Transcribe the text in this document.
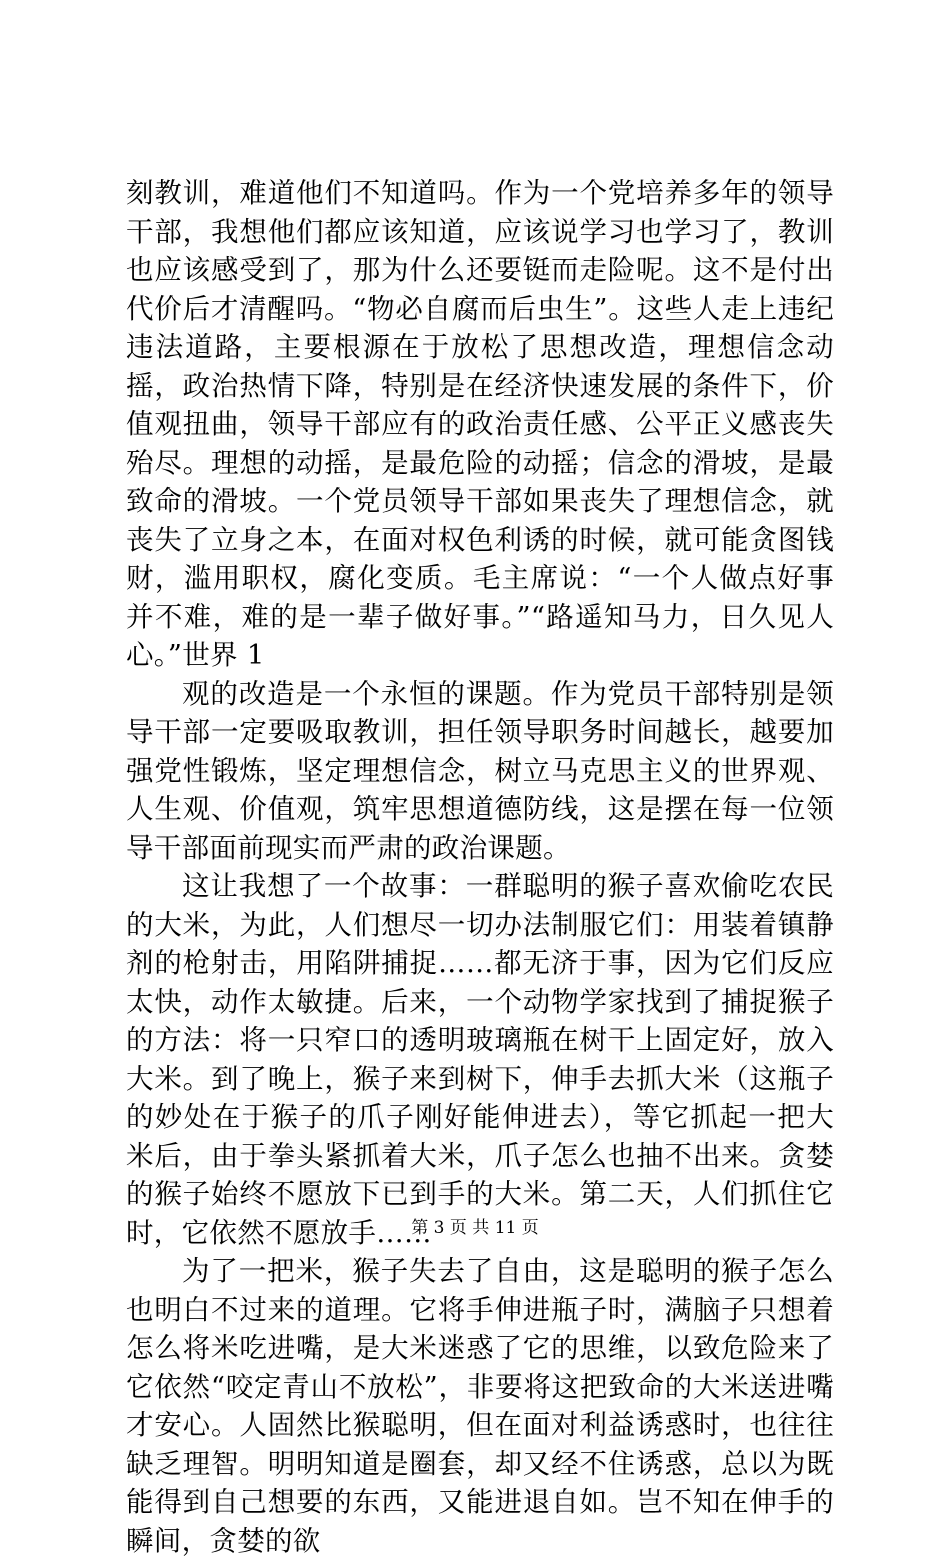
刻教训，难道他们不知道吗。作为一个党培养多年的领导干部，我想他们都应该知道，应该说学习也学习了，教训也应该感受到了，那为什么还要铤而走险呢。这不是付出代价后才清醒吗。“物必自腐而后虫生”。这些人走上违纪违法道路，主要根源在于放松了思想改造，理想信念动摇，政治热情下降，特别是在经济快速发展的条件下，价值观扭曲，领导干部应有的政治责任感、公平正义感丧失殆尽。理想的动摇，是最危险的动摇；信念的滑坡，是最致命的滑坡。一个党员领导干部如果丧失了理想信念，就丧失了立身之本，在面对权色利诱的时候，就可能贪图钱财，滥用职权，腐化变质。毛主席说：“一个人做点好事并不难，难的是一辈子做好事。”“路遥知马力，日久见人心。”世界 1

观的改造是一个永恒的课题。作为党员干部特别是领导干部一定要吸取教训，担任领导职务时间越长，越要加强党性锻炼，坚定理想信念，树立马克思主义的世界观、人生观、价值观，筑牢思想道德防线，这是摆在每一位领导干部面前现实而严肃的政治课题。

这让我想了一个故事：一群聪明的猴子喜欢偷吃农民的大米，为此，人们想尽一切办法制服它们：用装着镇静剂的枪射击，用陷阱捕捉……都无济于事，因为它们反应太快，动作太敏捷。后来，一个动物学家找到了捕捉猴子的方法：将一只窄口的透明玻璃瓶在树干上固定好，放入大米。到了晚上，猴子来到树下，伸手去抓大米（这瓶子的妙处在于猴子的爪子刚好能伸进去），等它抓起一把大米后，由于拳头紧抓着大米，爪子怎么也抽不出来。贪婪的猴子始终不愿放下已到手的大米。第二天，人们抓住它时，它依然不愿放手……

为了一把米，猴子失去了自由，这是聪明的猴子怎么也明白不过来的道理。它将手伸进瓶子时，满脑子只想着怎么将米吃进嘴，是大米迷惑了它的思维，以致危险来了它依然“咬定青山不放松”，非要将这把致命的大米送进嘴才安心。人固然比猴聪明，但在面对利益诱惑时，也往往缺乏理智。明明知道是圈套，却又经不住诱惑，总以为既能得到自己想要的东西，又能进退自如。岂不知在伸手的瞬间，贪婪的欲

第 3 页 共 11 页
